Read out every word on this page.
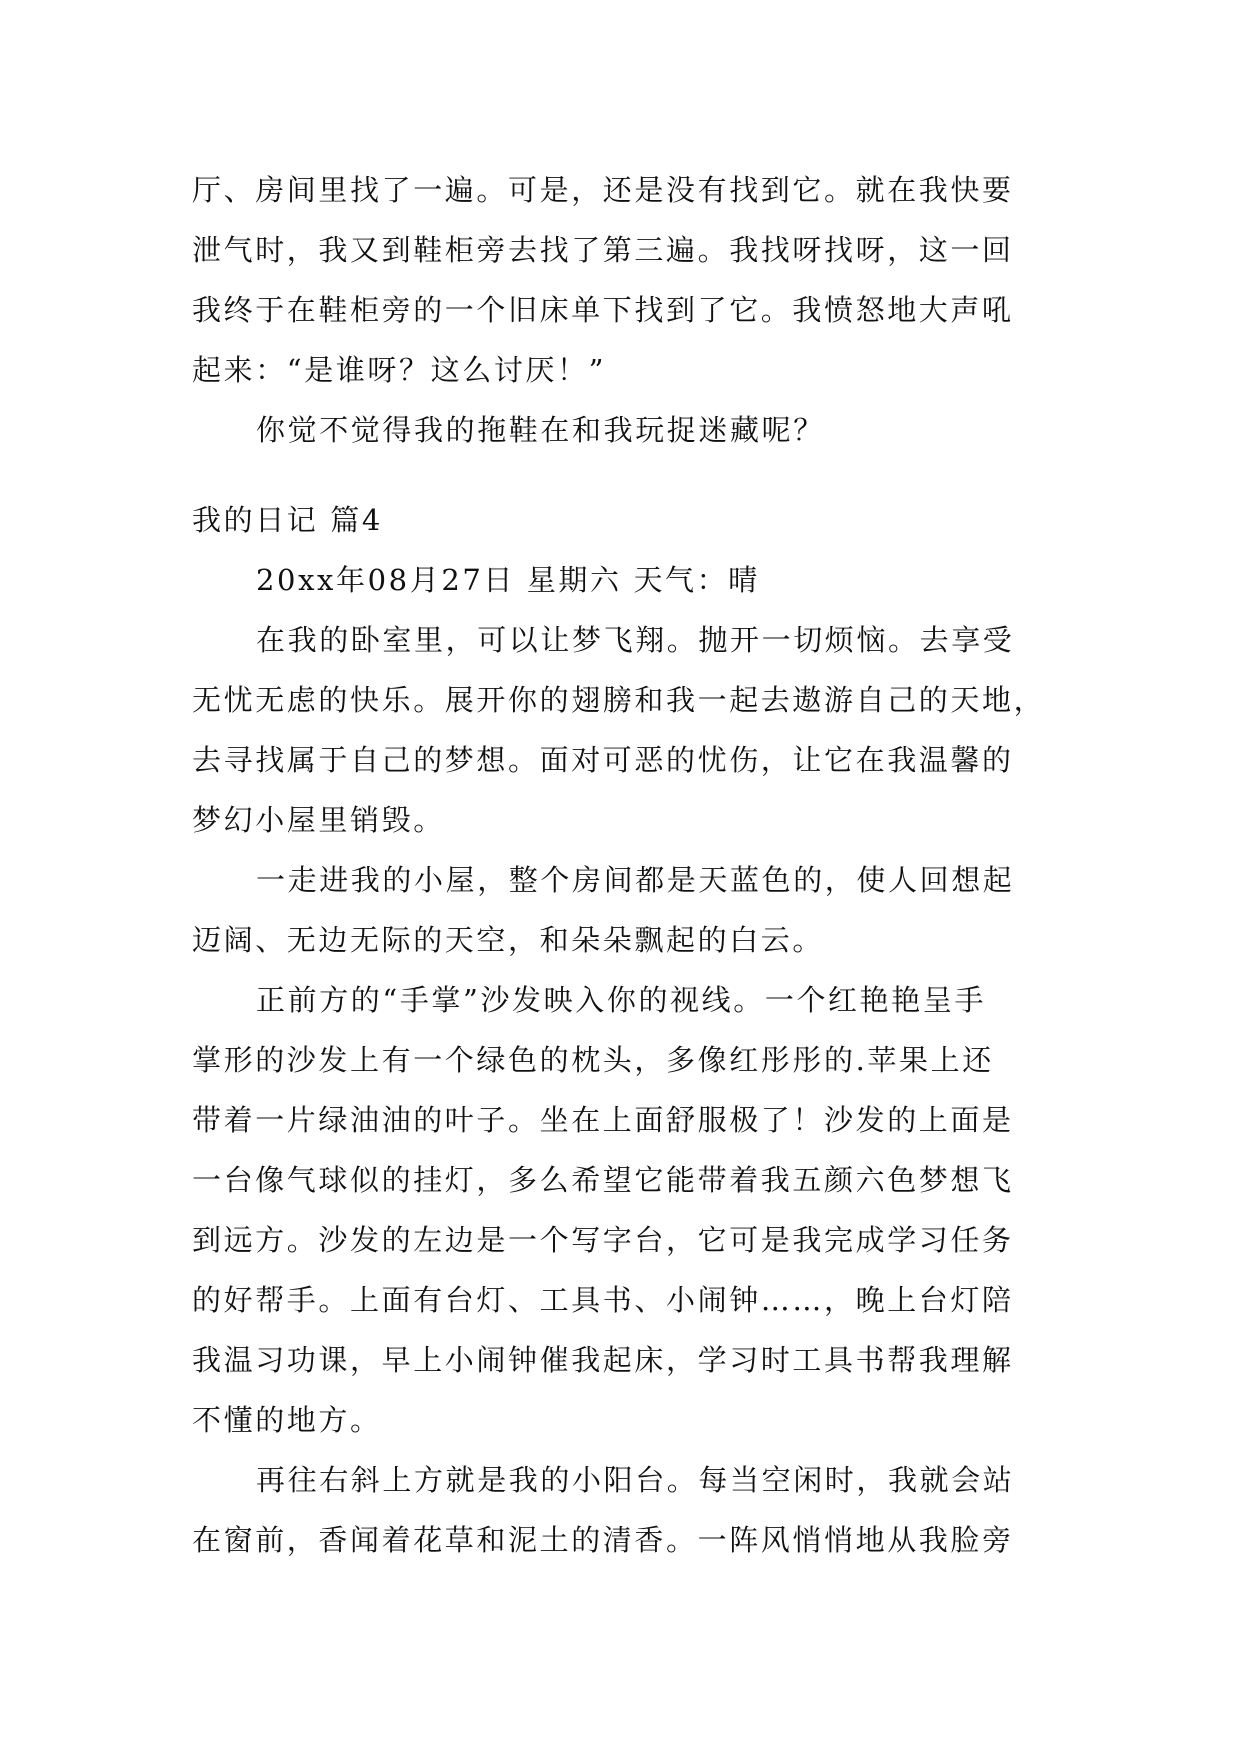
厅、房间里找了一遍。可是，还是没有找到它。就在我快要
泄气时，我又到鞋柜旁去找了第三遍。我找呀找呀，这一回
我终于在鞋柜旁的一个旧床单下找到了它。我愤怒地大声吼
起来：“是谁呀？这么讨厌！”
你觉不觉得我的拖鞋在和我玩捉迷藏呢？
我的日记 篇4
20xx年08月27日 星期六 天气：晴
在我的卧室里，可以让梦飞翔。抛开一切烦恼。去享受
无忧无虑的快乐。展开你的翅膀和我一起去遨游自己的天地，
去寻找属于自己的梦想。面对可恶的忧伤，让它在我温馨的
梦幻小屋里销毁。
一走进我的小屋，整个房间都是天蓝色的，使人回想起
迈阔、无边无际的天空，和朵朵飘起的白云。
正前方的“手掌”沙发映入你的视线。一个红艳艳呈手
掌形的沙发上有一个绿色的枕头，多像红彤彤的.苹果上还
带着一片绿油油的叶子。坐在上面舒服极了！沙发的上面是
一台像气球似的挂灯，多么希望它能带着我五颜六色梦想飞
到远方。沙发的左边是一个写字台，它可是我完成学习任务
的好帮手。上面有台灯、工具书、小闹钟……，晚上台灯陪
我温习功课，早上小闹钟催我起床，学习时工具书帮我理解
不懂的地方。
再往右斜上方就是我的小阳台。每当空闲时，我就会站
在窗前，香闻着花草和泥土的清香。一阵风悄悄地从我脸旁
